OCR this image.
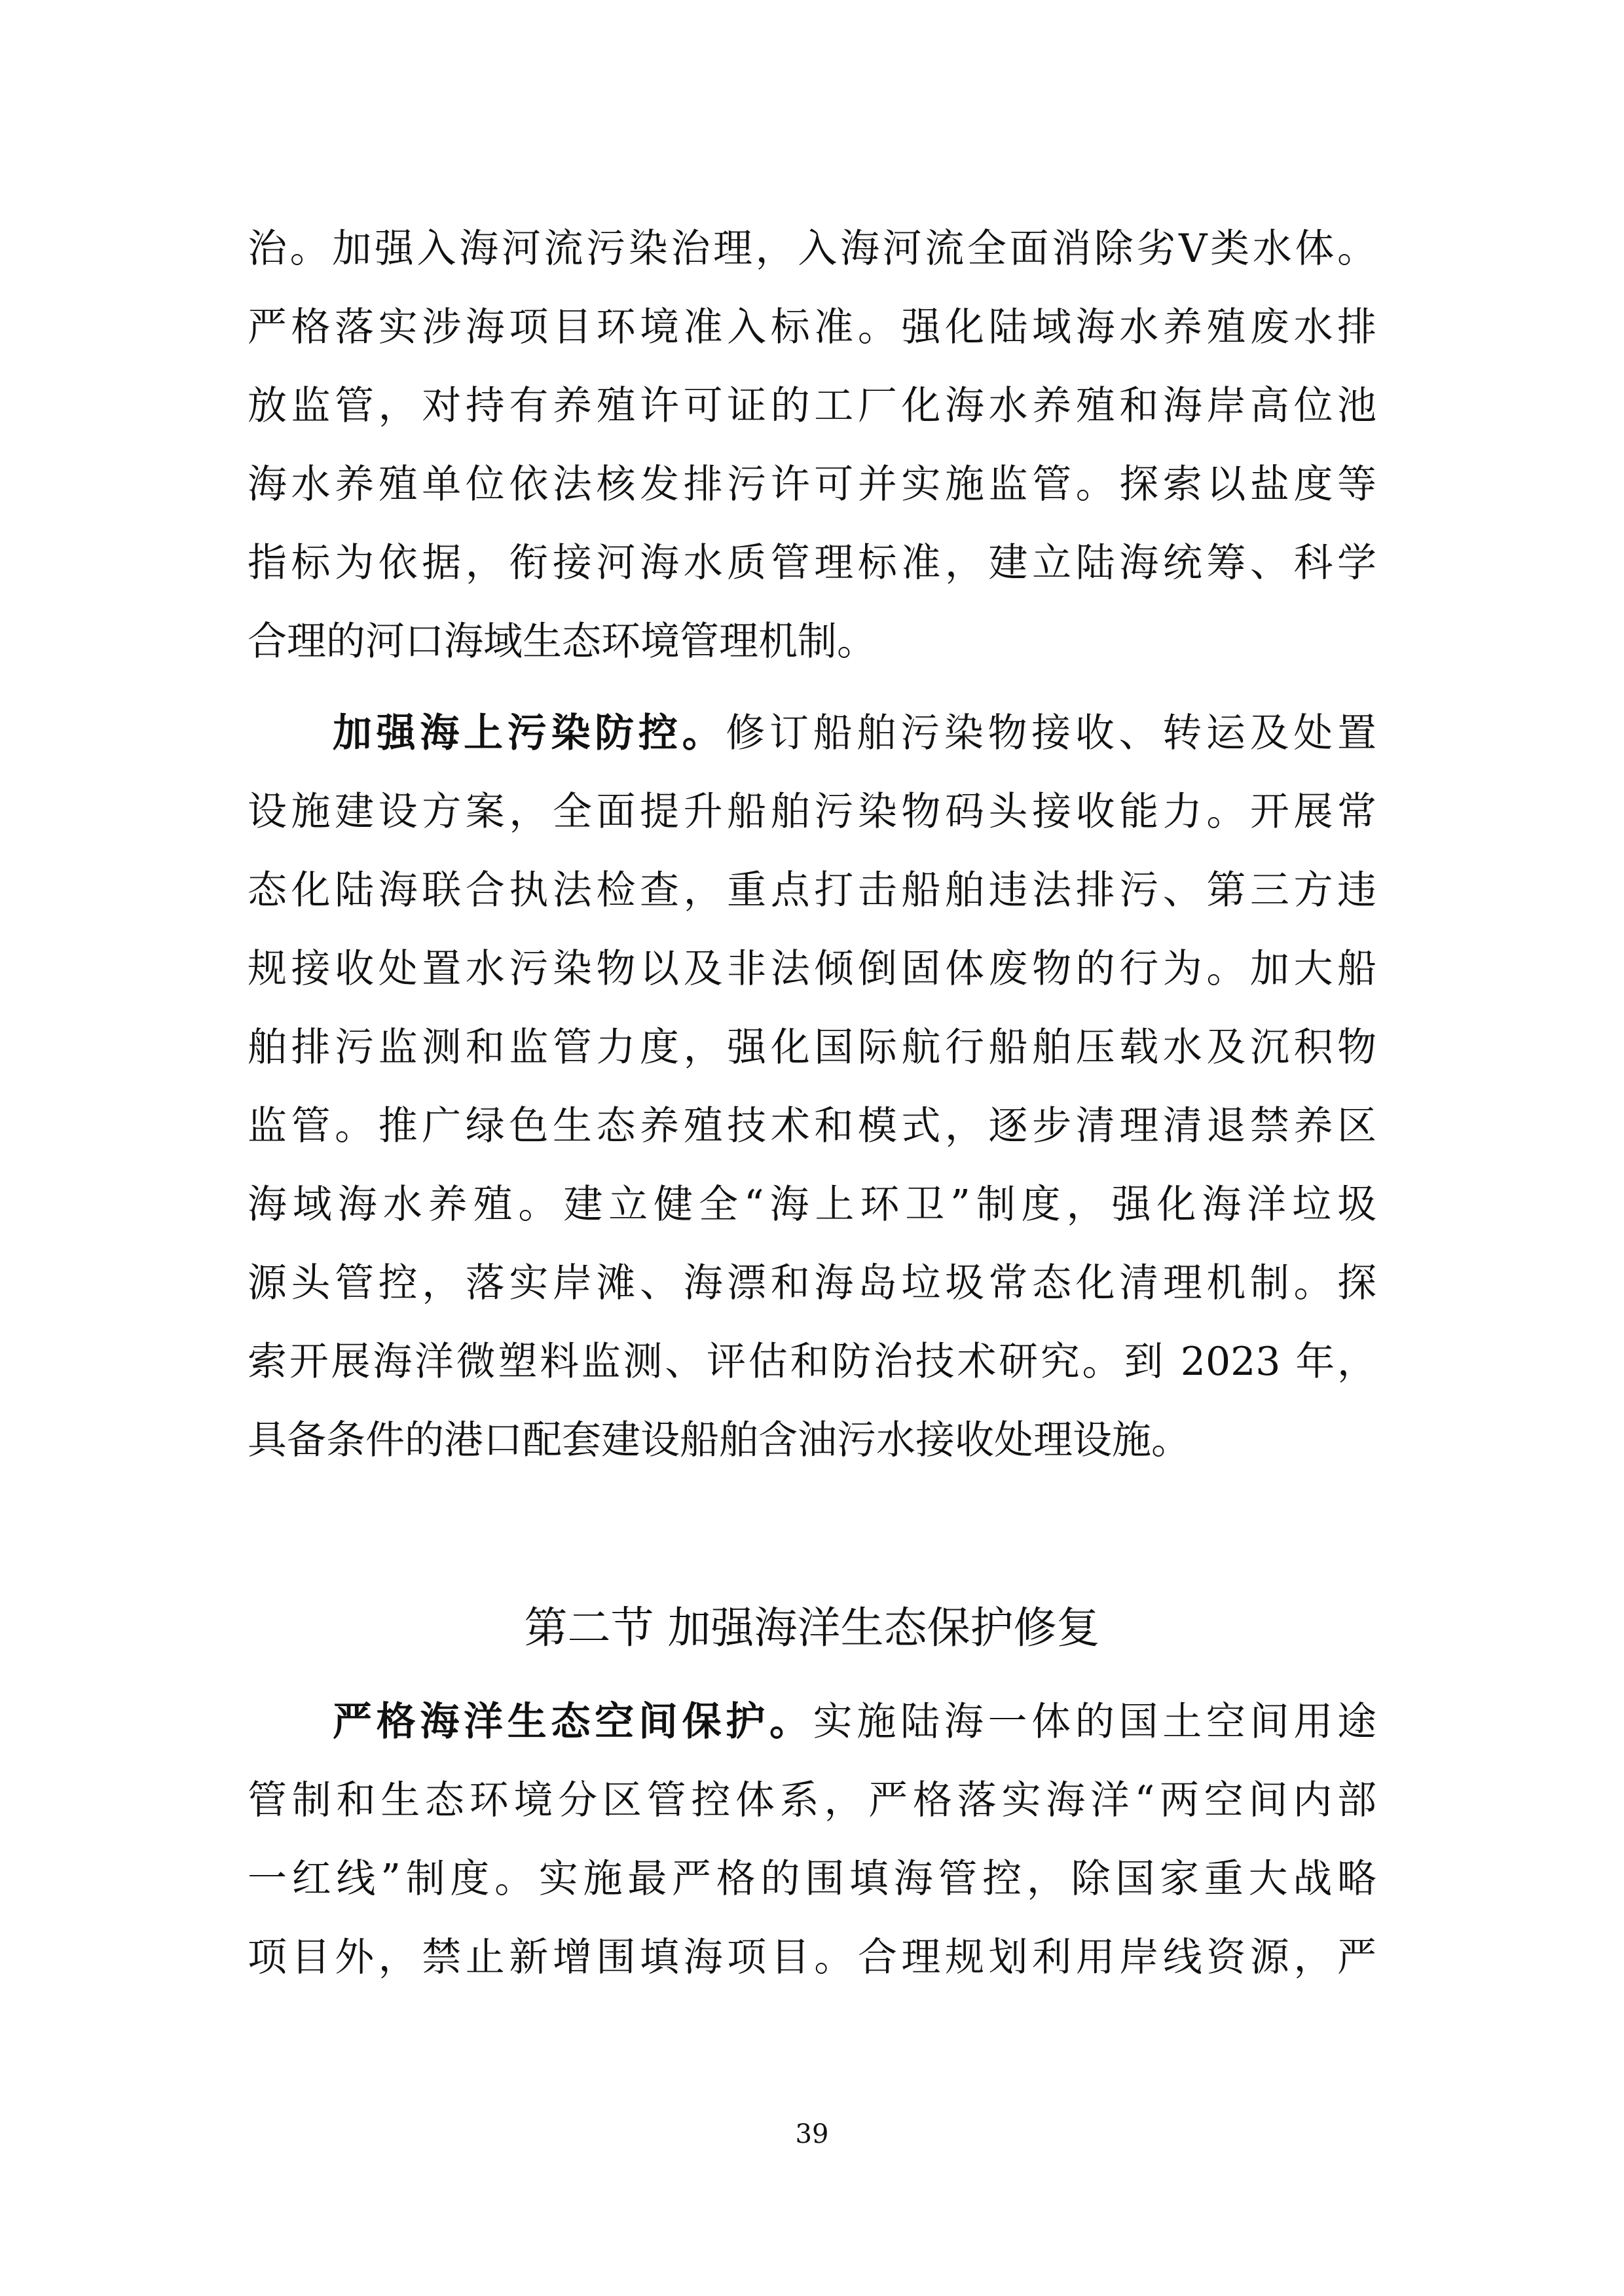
治。加强入海河流污染治理，入海河流全面消除劣Ⅴ类水体。
严格落实涉海项目环境准入标准。强化陆域海水养殖废水排
放监管，对持有养殖许可证的工厂化海水养殖和海岸高位池
海水养殖单位依法核发排污许可并实施监管。探索以盐度等
指标为依据，衔接河海水质管理标准，建立陆海统筹、科学
合理的河口海域生态环境管理机制。
加强海上污染防控。修订船舶污染物接收、转运及处置
设施建设方案，全面提升船舶污染物码头接收能力。开展常
态化陆海联合执法检查，重点打击船舶违法排污、第三方违
规接收处置水污染物以及非法倾倒固体废物的行为。加大船
舶排污监测和监管力度，强化国际航行船舶压载水及沉积物
监管。推广绿色生态养殖技术和模式，逐步清理清退禁养区
海域海水养殖。建立健全“海上环卫”制度，强化海洋垃圾
源头管控，落实岸滩、海漂和海岛垃圾常态化清理机制。探
索开展海洋微塑料监测、评估和防治技术研究。到 2023 年，
具备条件的港口配套建设船舶含油污水接收处理设施。
第二节 加强海洋生态保护修复
严格海洋生态空间保护。实施陆海一体的国土空间用途
管制和生态环境分区管控体系，严格落实海洋“两空间内部
一红线”制度。实施最严格的围填海管控，除国家重大战略
项目外，禁止新增围填海项目。合理规划利用岸线资源，严
39
